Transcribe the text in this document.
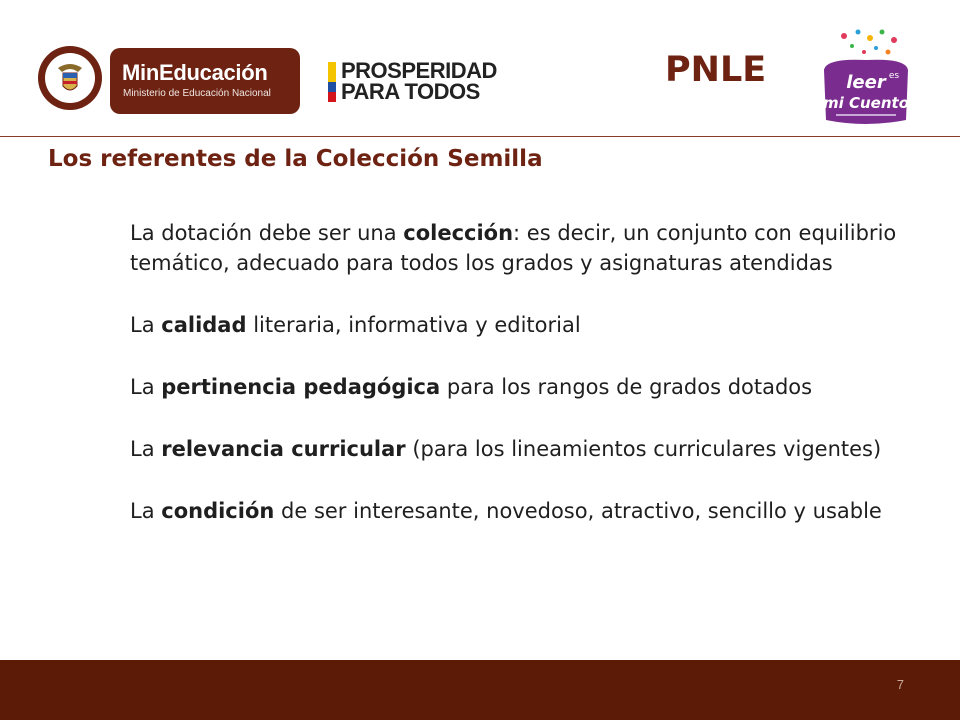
MinEducación
Ministerio de Educación Nacional
PROSPERIDAD
PARA TODOS
PNLE	leer es
mi Cuento
Los referentes de la Colección Semilla

La dotación debe ser una colección: es decir, un conjunto con equilibrio temático, adecuado para todos los grados y asignaturas atendidas

La calidad literaria, informativa y editorial

La pertinencia pedagógica para los rangos de grados dotados

La relevancia curricular (para los lineamientos curriculares vigentes)

La condición de ser interesante, novedoso, atractivo, sencillo y usable

7
